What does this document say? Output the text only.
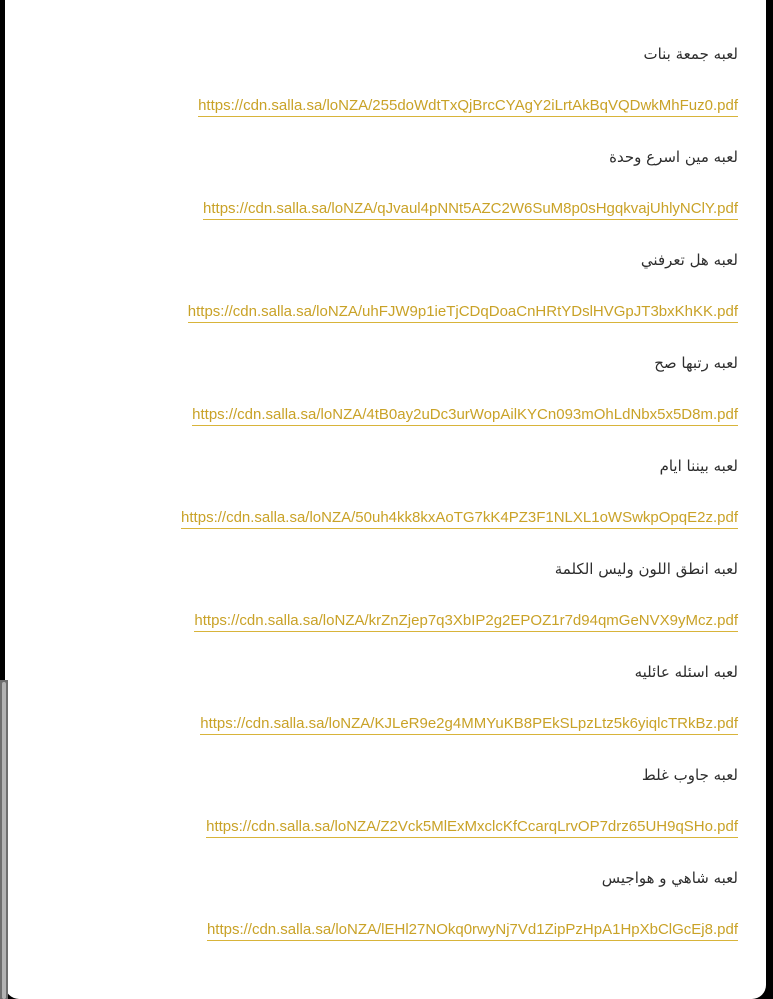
لعبه جمعة بنات
https://cdn.salla.sa/loNZA/255doWdtTxQjBrcCYAgY2iLrtAkBqVQDwkMhFuz0.pdf
لعبه مين اسرع وحدة
https://cdn.salla.sa/loNZA/qJvaul4pNNt5AZC2W6SuM8p0sHgqkvajUhlyNClY.pdf
لعبه هل تعرفني
https://cdn.salla.sa/loNZA/uhFJW9p1ieTjCDqDoaCnHRtYDslHVGpJT3bxKhKK.pdf
لعبه رتبها صح
https://cdn.salla.sa/loNZA/4tB0ay2uDc3urWopAilKYCn093mOhLdNbx5x5D8m.pdf
لعبه بيننا ايام
https://cdn.salla.sa/loNZA/50uh4kk8kxAoTG7kK4PZ3F1NLXL1oWSwkpOpqE2z.pdf
لعبه انطق اللون وليس الكلمة
https://cdn.salla.sa/loNZA/krZnZjep7q3XbIP2g2EPOZ1r7d94qmGeNVX9yMcz.pdf
لعبه اسئله عائليه
https://cdn.salla.sa/loNZA/KJLeR9e2g4MMYuKB8PEkSLpzLtz5k6yiqlcTRkBz.pdf
لعبه جاوب غلط
https://cdn.salla.sa/loNZA/Z2Vck5MlExMxclcKfCcarqLrvOP7drz65UH9qSHo.pdf
لعبه شاهي و هواجيس
https://cdn.salla.sa/loNZA/lEHl27NOkq0rwyNj7Vd1ZipPzHpA1HpXbClGcEj8.pdf
